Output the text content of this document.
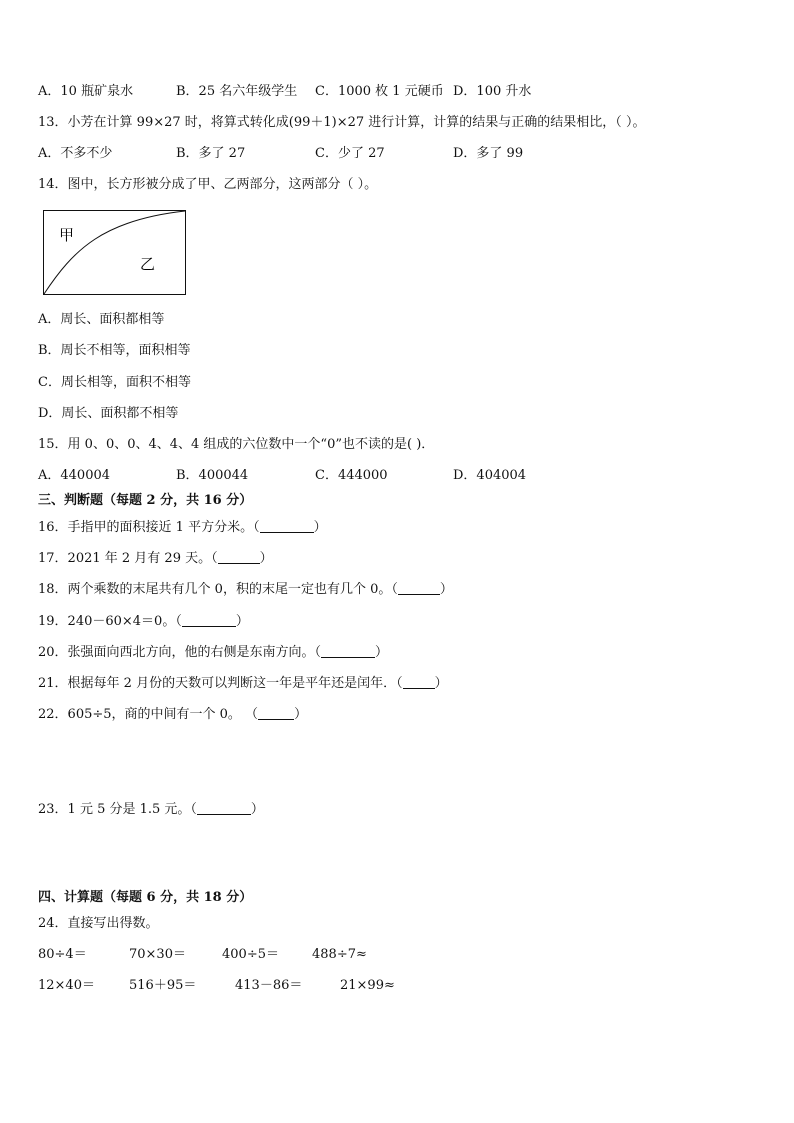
A．10 瓶矿泉水	B．25 名六年级学生 C．1000 枚 1 元硬币 D．100 升水
13．小芳在计算 99×27 时，将算式转化成(99＋1)×27 进行计算，计算的结果与正确的结果相比，（ ）。
A．不多不少	B．多了 27	C．少了 27	D．多了 99
14．图中，长方形被分成了甲、乙两部分，这两部分（ ）。
甲
乙
A．周长、面积都相等
B．周长不相等，面积相等
C．周长相等，面积不相等
D．周长、面积都不相等
15．用 0、0、0、4、4、4 组成的六位数中一个“0”也不读的是( )．
A．440004	B．400044	C．444000	D．404004
三、判断题（每题 2 分，共 16 分）
16．手指甲的面积接近 1 平方分米。（	）
17．2021 年 2 月有 29 天。（	）
18．两个乘数的末尾共有几个 0，积的末尾一定也有几个 0。（	）
19．240－60×4＝0。（	）
20．张强面向西北方向，他的右侧是东南方向。（	）
21．根据每年 2 月份的天数可以判断这一年是平年还是闰年．（ ）
22．605÷5，商的中间有一个 0。 （	）
23．1 元 5 分是 1.5 元。（	）
四、计算题（每题 6 分，共 18 分）
24．直接写出得数。
80÷4＝	70×30＝	400÷5＝	488÷7≈
12×40＝	516＋95＝	413－86＝	21×99≈
